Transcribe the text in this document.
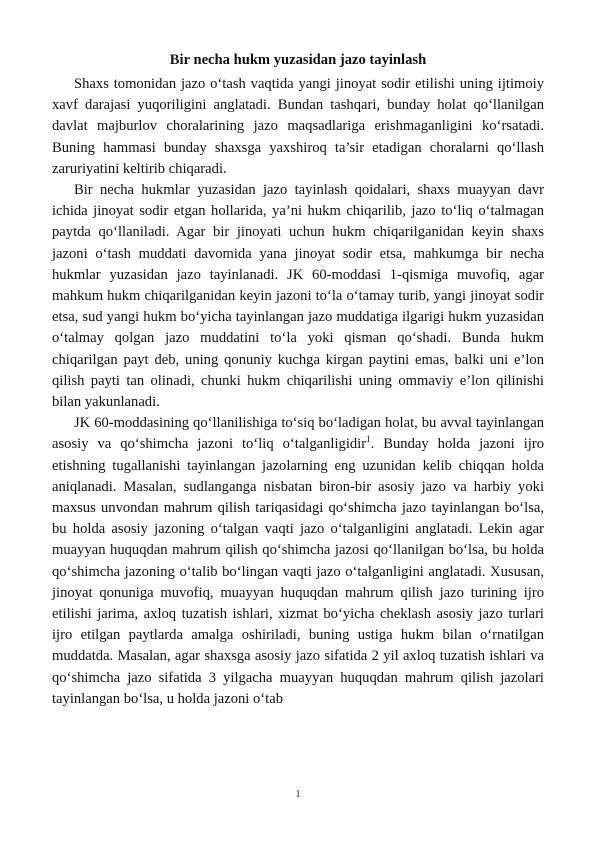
Bir necha hukm yuzasidan jazo tayinlash

Shaxs tomonidan jazo o‘tash vaqtida yangi jinoyat sodir etilishi uning ijtimoiy xavf darajasi yuqoriligini anglatadi. Bundan tashqari, bunday holat qo‘llanilgan davlat majburlov choralarining jazo maqsadlariga erishmaganligini ko‘rsatadi. Buning hammasi bunday shaxsga yaxshiroq ta’sir etadigan choralarni qo‘llash zaruriyatini keltirib chiqaradi.

Bir necha hukmlar yuzasidan jazo tayinlash qoidalari, shaxs muayyan davr ichida jinoyat sodir etgan hollarida, ya’ni hukm chiqarilib, jazo to‘liq o‘talmagan paytda qo‘llaniladi. Agar bir jinoyati uchun hukm chiqarilganidan keyin shaxs jazoni o‘tash muddati davomida yana jinoyat sodir etsa, mahkumga bir necha hukmlar yuzasidan jazo tayinlanadi. JK 60-moddasi 1-qismiga muvofiq, agar mahkum hukm chiqarilganidan keyin jazoni to‘la o‘tamay turib, yangi jinoyat sodir etsa, sud yangi hukm bo‘yicha tayinlangan jazo muddatiga ilgarigi hukm yuzasidan o‘talmay qolgan jazo muddatini to‘la yoki qisman qo‘shadi. Bunda hukm chiqarilgan payt deb, uning qonuniy kuchga kirgan paytini emas, balki uni e’lon qilish payti tan olinadi, chunki hukm chiqarilishi uning ommaviy e’lon qilinishi bilan yakunlanadi.

JK 60-moddasining qo‘llanilishiga to‘siq bo‘ladigan holat, bu avval tayinlangan asosiy va qo‘shimcha jazoni to‘liq o‘talganligidir$^1$. Bunday holda jazoni ijro etishning tugallanishi tayinlangan jazolarning eng uzunidan kelib chiqqan holda aniqlanadi. Masalan, sudlanganga nisbatan biron-bir asosiy jazo va harbiy yoki maxsus unvondan mahrum qilish tariqasidagi qo‘shimcha jazo tayinlangan bo‘lsa, bu holda asosiy jazoning o‘talgan vaqti jazo o‘talganligini anglatadi. Lekin agar muayyan huquqdan mahrum qilish qo‘shimcha jazosi qo‘llanilgan bo‘lsa, bu holda qo‘shimcha jazoning o‘talib bo‘lingan vaqti jazo o‘talganligini anglatadi. Xususan, jinoyat qonuniga muvofiq, muayyan huquqdan mahrum qilish jazo turining ijro etilishi jarima, axloq tuzatish ishlari, xizmat bo‘yicha cheklash asosiy jazo turlari ijro etilgan paytlarda amalga oshiriladi, buning ustiga hukm bilan o‘rnatilgan muddatda. Masalan, agar shaxsga asosiy jazo sifatida 2 yil axloq tuzatish ishlari va qo‘shimcha jazo sifatida 3 yilgacha muayyan huquqdan mahrum qilish jazolari tayinlangan bo‘lsa, u holda jazoni o‘tab

1
